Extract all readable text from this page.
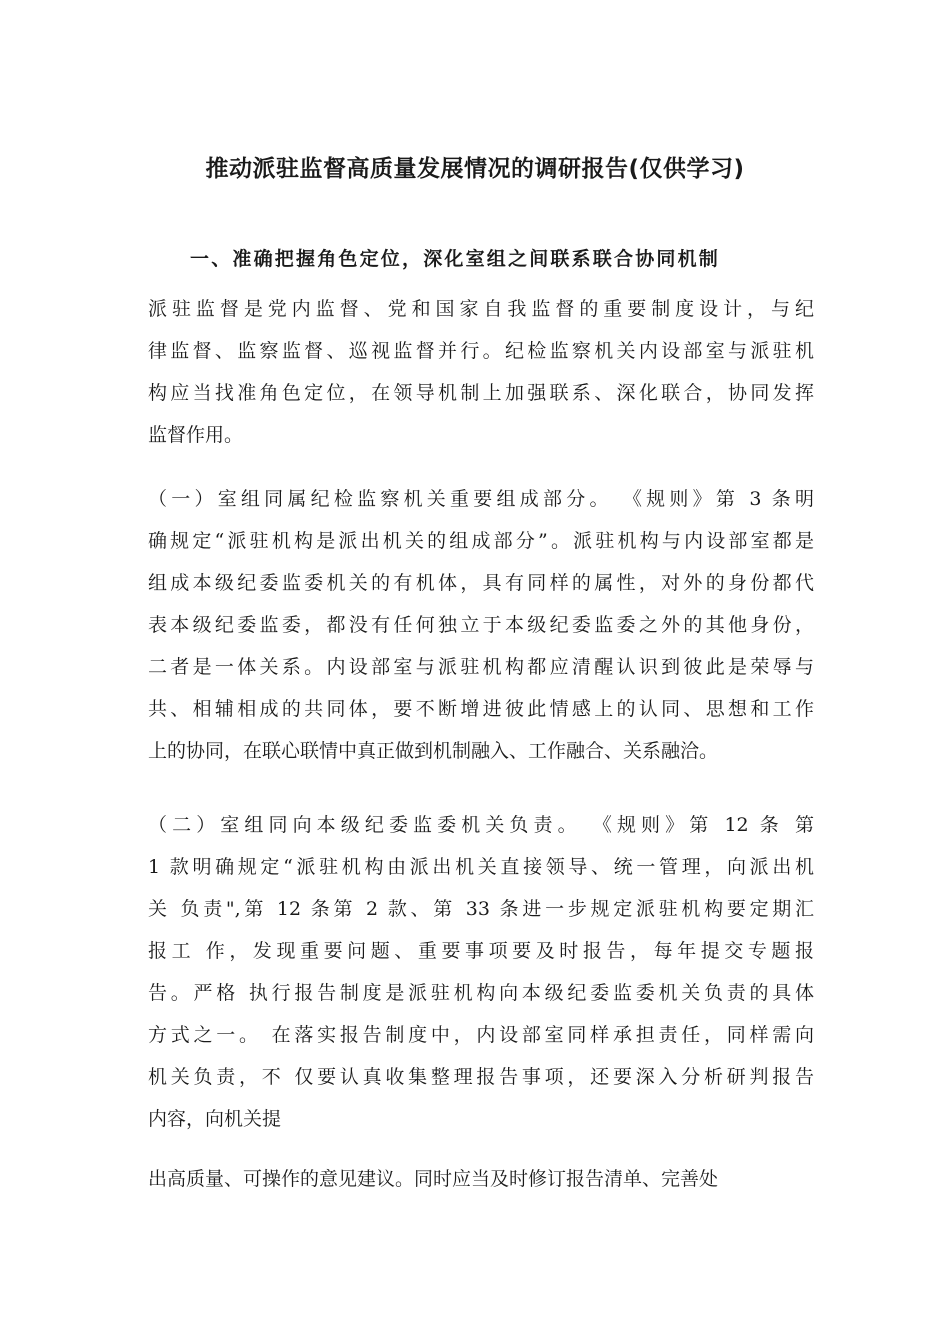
推动派驻监督高质量发展情况的调研报告(仅供学习)
一、准确把握角色定位，深化室组之间联系联合协同机制

派驻监督是党内监督、党和国家自我监督的重要制度设计，与纪
律监督、监察监督、巡视监督并行。纪检监察机关内设部室与派驻机
构应当找准角色定位，在领导机制上加强联系、深化联合，协同发挥
监督作用。

（一）室组同属纪检监察机关重要组成部分。 《规则》第 3 条明
确规定“派驻机构是派出机关的组成部分”。派驻机构与内设部室都是
组成本级纪委监委机关的有机体，具有同样的属性，对外的身份都代
表本级纪委监委，都没有任何独立于本级纪委监委之外的其他身份，
二者是一体关系。内设部室与派驻机构都应清醒认识到彼此是荣辱与
共、相辅相成的共同体，要不断增进彼此情感上的认同、思想和工作
上的协同，在联心联情中真正做到机制融入、工作融合、关系融洽。

（二）室组同向本级纪委监委机关负责。 《规则》第 12 条 第
1 款明确规定“派驻机构由派出机关直接领导、统一管理，向派出机
关 负责",第 12 条第 2 款、第 33 条进一步规定派驻机构要定期汇
报工 作，发现重要问题、重要事项要及时报告，每年提交专题报
告。严格 执行报告制度是派驻机构向本级纪委监委机关负责的具体
方式之一。 在落实报告制度中，内设部室同样承担责任，同样需向
机关负责，不 仅要认真收集整理报告事项，还要深入分析研判报告
内容，向机关提

出高质量、可操作的意见建议。同时应当及时修订报告清单、完善处
